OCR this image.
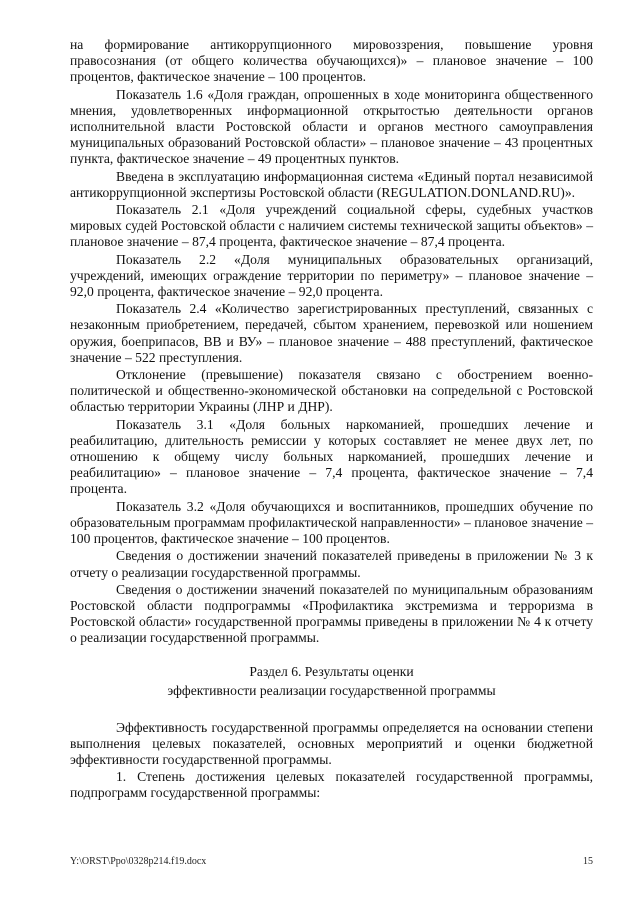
на формирование антикоррупционного мировоззрения, повышение уровня правосознания (от общего количества обучающихся)» – плановое значение – 100 процентов, фактическое значение – 100 процентов.

Показатель 1.6 «Доля граждан, опрошенных в ходе мониторинга общественного мнения, удовлетворенных информационной открытостью деятельности органов исполнительной власти Ростовской области и органов местного самоуправления муниципальных образований Ростовской области» – плановое значение – 43 процентных пункта, фактическое значение – 49 процентных пунктов.

Введена в эксплуатацию информационная система «Единый портал независимой антикоррупционной экспертизы Ростовской области (REGULATION.DONLAND.RU)».

Показатель 2.1 «Доля учреждений социальной сферы, судебных участков мировых судей Ростовской области с наличием системы технической защиты объектов» – плановое значение – 87,4 процента, фактическое значение – 87,4 процента.

Показатель 2.2 «Доля муниципальных образовательных организаций, учреждений, имеющих ограждение территории по периметру» – плановое значение – 92,0 процента, фактическое значение – 92,0 процента.

Показатель 2.4 «Количество зарегистрированных преступлений, связанных с незаконным приобретением, передачей, сбытом хранением, перевозкой или ношением оружия, боеприпасов, ВВ и ВУ» – плановое значение – 488 преступлений, фактическое значение – 522 преступления.

Отклонение (превышение) показателя связано с обострением военно-политической и общественно-экономической обстановки на сопредельной с Ростовской областью территории Украины (ЛНР и ДНР).

Показатель 3.1 «Доля больных наркоманией, прошедших лечение и реабилитацию, длительность ремиссии у которых составляет не менее двух лет, по отношению к общему числу больных наркоманией, прошедших лечение и реабилитацию» – плановое значение – 7,4 процента, фактическое значение – 7,4 процента.

Показатель 3.2 «Доля обучающихся и воспитанников, прошедших обучение по образовательным программам профилактической направленности» – плановое значение – 100 процентов, фактическое значение – 100 процентов.

Сведения о достижении значений показателей приведены в приложении № 3 к отчету о реализации государственной программы.

Сведения о достижении значений показателей по муниципальным образованиям Ростовской области подпрограммы «Профилактика экстремизма и терроризма в Ростовской области» государственной программы приведены в приложении № 4 к отчету о реализации государственной программы.

Раздел 6. Результаты оценки

эффективности реализации государственной программы

Эффективность государственной программы определяется на основании степени выполнения целевых показателей, основных мероприятий и оценки бюджетной эффективности государственной программы.

1. Степень достижения целевых показателей государственной программы, подпрограмм государственной программы:

Y:\ORST\Ppo\0328p214.f19.docx	15
